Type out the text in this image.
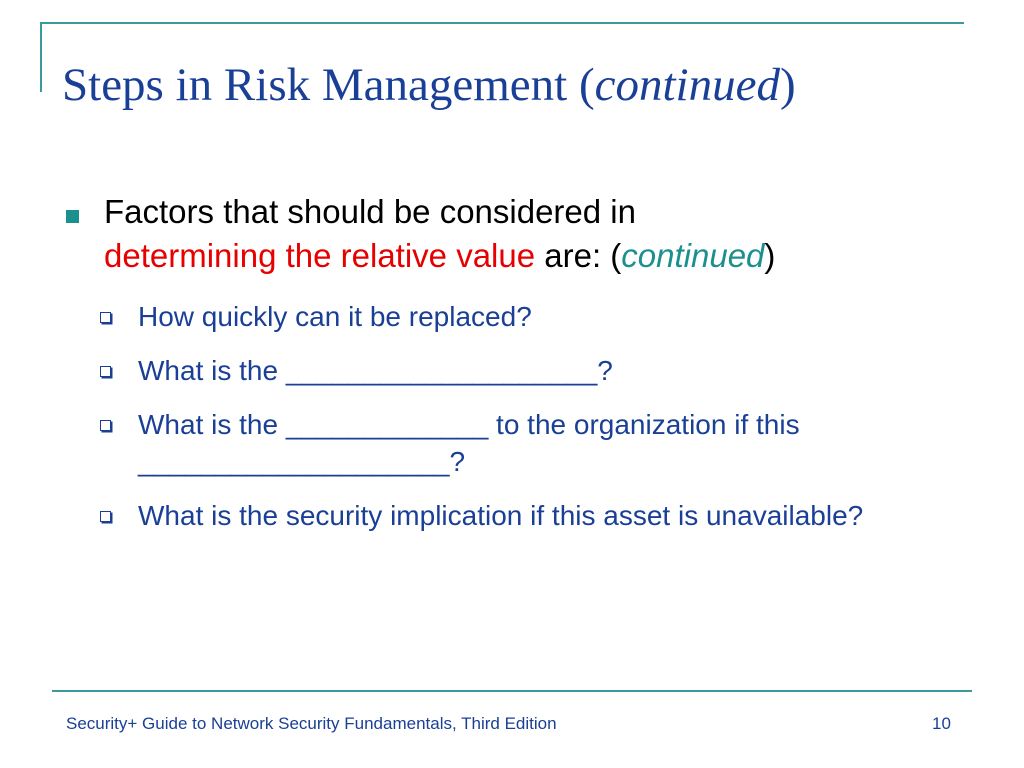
Steps in Risk Management (continued)

Factors that should be considered in
determining the relative value are: (continued)

How quickly can it be replaced?
What is the ____________________?
What is the _____________ to the organization if this ____________________?
What is the security implication if this asset is unavailable?
Security+ Guide to Network Security Fundamentals, Third Edition	10
